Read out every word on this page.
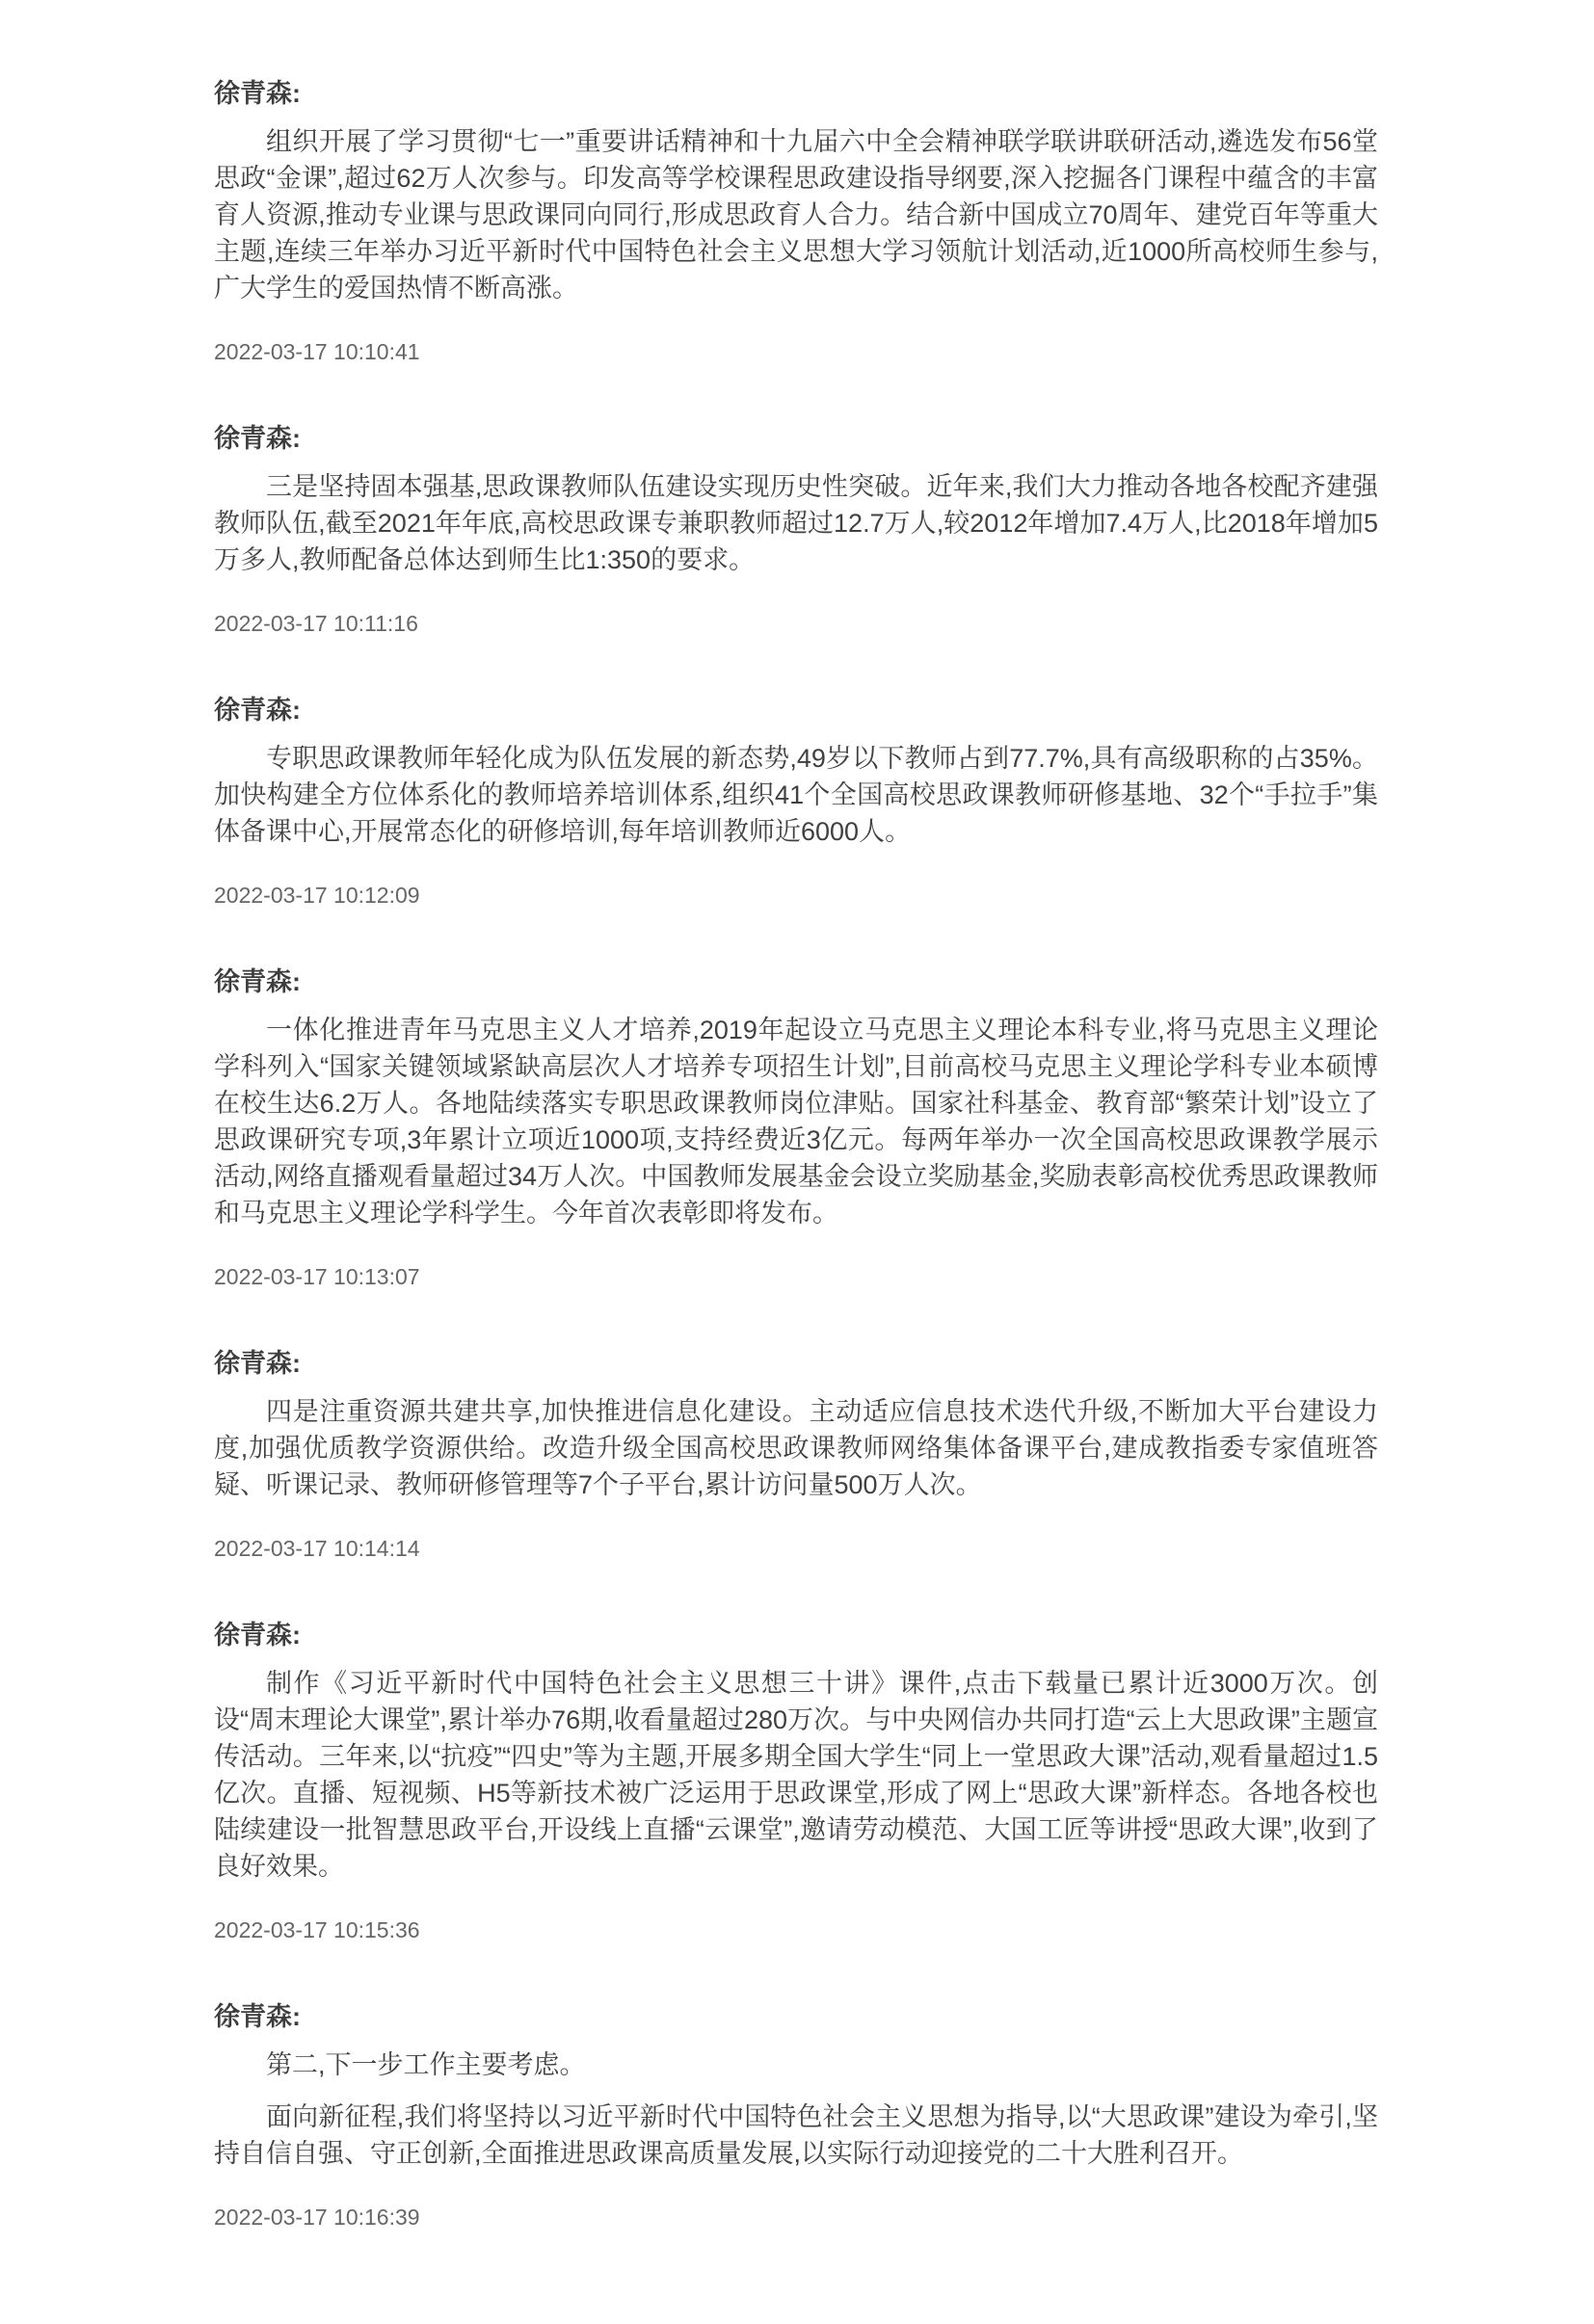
徐青森:

组织开展了学习贯彻“七一”重要讲话精神和十九届六中全会精神联学联讲联研活动,遴选发布56堂思政“金课”,超过62万人次参与。印发高等学校课程思政建设指导纲要,深入挖掘各门课程中蕴含的丰富育人资源,推动专业课与思政课同向同行,形成思政育人合力。结合新中国成立70周年、建党百年等重大主题,连续三年举办习近平新时代中国特色社会主义思想大学习领航计划活动,近1000所高校师生参与,广大学生的爱国热情不断高涨。

2022-03-17 10:10:41
徐青森:

三是坚持固本强基,思政课教师队伍建设实现历史性突破。近年来,我们大力推动各地各校配齐建强教师队伍,截至2021年年底,高校思政课专兼职教师超过12.7万人,较2012年增加7.4万人,比2018年增加5万多人,教师配备总体达到师生比1:350的要求。

2022-03-17 10:11:16
徐青森:

专职思政课教师年轻化成为队伍发展的新态势,49岁以下教师占到77.7%,具有高级职称的占35%。加快构建全方位体系化的教师培养培训体系,组织41个全国高校思政课教师研修基地、32个“手拉手”集体备课中心,开展常态化的研修培训,每年培训教师近6000人。

2022-03-17 10:12:09
徐青森:

一体化推进青年马克思主义人才培养,2019年起设立马克思主义理论本科专业,将马克思主义理论学科列入“国家关键领域紧缺高层次人才培养专项招生计划”,目前高校马克思主义理论学科专业本硕博在校生达6.2万人。各地陆续落实专职思政课教师岗位津贴。国家社科基金、教育部“繁荣计划”设立了思政课研究专项,3年累计立项近1000项,支持经费近3亿元。每两年举办一次全国高校思政课教学展示活动,网络直播观看量超过34万人次。中国教师发展基金会设立奖励基金,奖励表彰高校优秀思政课教师和马克思主义理论学科学生。今年首次表彰即将发布。

2022-03-17 10:13:07
徐青森:

四是注重资源共建共享,加快推进信息化建设。主动适应信息技术迭代升级,不断加大平台建设力度,加强优质教学资源供给。改造升级全国高校思政课教师网络集体备课平台,建成教指委专家值班答疑、听课记录、教师研修管理等7个子平台,累计访问量500万人次。

2022-03-17 10:14:14
徐青森:

制作《习近平新时代中国特色社会主义思想三十讲》课件,点击下载量已累计近3000万次。创设“周末理论大课堂”,累计举办76期,收看量超过280万次。与中央网信办共同打造“云上大思政课”主题宣传活动。三年来,以“抗疫”“四史”等为主题,开展多期全国大学生“同上一堂思政大课”活动,观看量超过1.5亿次。直播、短视频、H5等新技术被广泛运用于思政课堂,形成了网上“思政大课”新样态。各地各校也陆续建设一批智慧思政平台,开设线上直播“云课堂”,邀请劳动模范、大国工匠等讲授“思政大课”,收到了良好效果。

2022-03-17 10:15:36
徐青森:

第二,下一步工作主要考虑。

面向新征程,我们将坚持以习近平新时代中国特色社会主义思想为指导,以“大思政课”建设为牵引,坚持自信自强、守正创新,全面推进思政课高质量发展,以实际行动迎接党的二十大胜利召开。

2022-03-17 10:16:39
